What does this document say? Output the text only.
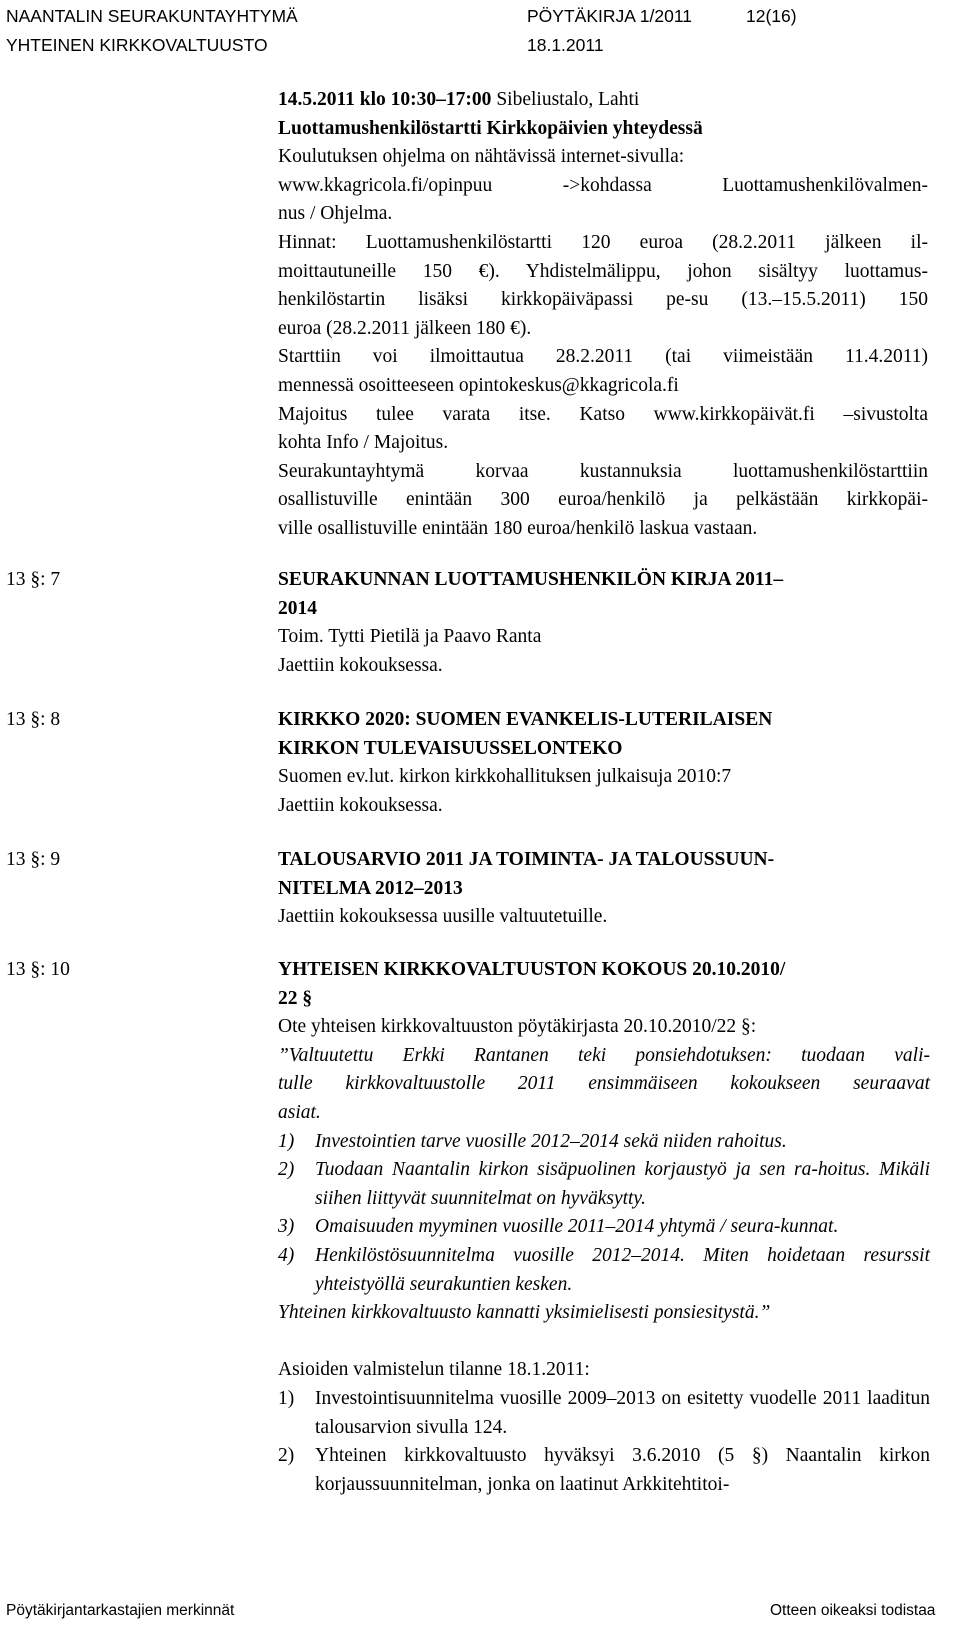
NAANTALIN SEURAKUNTAYHTYMÄ
YHTEINEN KIRKKOVALTUUSTO
PÖYTÄKIRJA 1/2011
18.1.2011
12(16)
14.5.2011 klo 10:30–17:00 Sibeliustalo, Lahti
Luottamushenkilöstartti Kirkkopäivien yhteydessä
Koulutuksen ohjelma on nähtävissä internet-sivulla:
www.kkagricola.fi/opinpuu ->kohdassa Luottamushenkilövalmen-
nus / Ohjelma.
Hinnat: Luottamushenkilöstartti 120 euroa (28.2.2011 jälkeen il-
moittautuneille 150 €). Yhdistelmälippu, johon sisältyy luottamus-
henkilöstartin lisäksi kirkkopäiväpassi pe-su (13.–15.5.2011) 150
euroa (28.2.2011 jälkeen 180 €).
Starttiin voi ilmoittautua 28.2.2011 (tai viimeistään 11.4.2011)
mennessä osoitteeseen opintokeskus@kkagricola.fi
Majoitus tulee varata itse. Katso www.kirkkopäivät.fi –sivustolta
kohta Info / Majoitus.
Seurakuntayhtymä korvaa kustannuksia luottamushenkilöstarttiin
osallistuville enintään 300 euroa/henkilö ja pelkästään kirkkopäi-
ville osallistuville enintään 180 euroa/henkilö laskua vastaan.
13 §: 7	SEURAKUNNAN LUOTTAMUSHENKILÖN KIRJA 2011–
2014
Toim. Tytti Pietilä ja Paavo Ranta
Jaettiin kokouksessa.
13 §: 8	KIRKKO 2020: SUOMEN EVANKELIS-LUTERILAISEN
KIRKON TULEVAISUUSSELONTEKO
Suomen ev.lut. kirkon kirkkohallituksen julkaisuja 2010:7
Jaettiin kokouksessa.
13 §: 9	TALOUSARVIO 2011 JA TOIMINTA- JA TALOUSSUUN-
NITELMA 2012–2013
Jaettiin kokouksessa uusille valtuutetuille.
13 §: 10	YHTEISEN KIRKKOVALTUUSTON KOKOUS 20.10.2010/
22 §
Ote yhteisen kirkkovaltuuston pöytäkirjasta 20.10.2010/22 §:
”Valtuutettu Erkki Rantanen teki ponsiehdotuksen: tuodaan vali-
tulle kirkkovaltuustolle 2011 ensimmäiseen kokoukseen seuraavat
asiat.
1) Investointien tarve vuosille 2012–2014 sekä niiden rahoitus.
2) Tuodaan Naantalin kirkon sisäpuolinen korjaustyö ja sen ra-hoitus. Mikäli siihen liittyvät suunnitelmat on hyväksytty.
3) Omaisuuden myyminen vuosille 2011–2014 yhtymä / seura-kunnat.
4) Henkilöstösuunnitelma vuosille 2012–2014. Miten hoidetaan resurssit yhteistyöllä seurakuntien kesken.
Yhteinen kirkkovaltuusto kannatti yksimielisesti ponsiesitystä.”
Asioiden valmistelun tilanne 18.1.2011:
1) Investointisuunnitelma vuosille 2009–2013 on esitetty vuodelle 2011 laaditun talousarvion sivulla 124.
2) Yhteinen kirkkovaltuusto hyväksyi 3.6.2010 (5 §) Naantalin kirkon korjaussuunnitelman, jonka on laatinut Arkkitehtitoi-
Pöytäkirjantarkastajien merkinnät	Otteen oikeaksi todistaa
